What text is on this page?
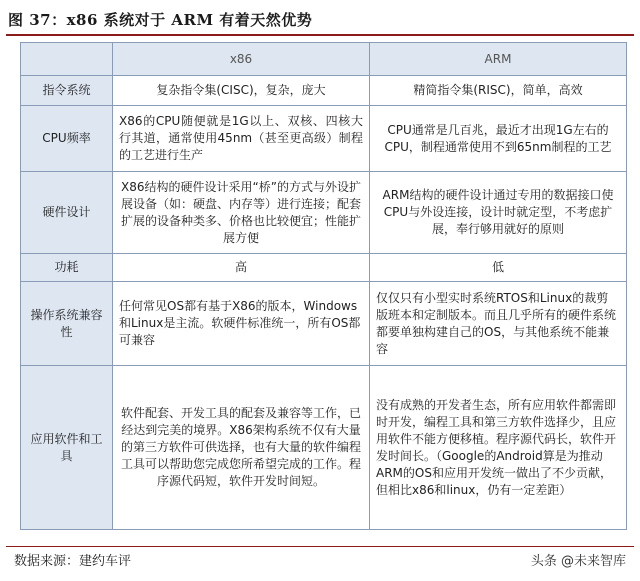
图 37：x86 系统对于 ARM 有着天然优势
	x86	ARM
指令系统	复杂指令集(CISC)，复杂，庞大	精简指令集(RISC)，简单，高效
CPU频率	X86的CPU随便就是1G以上、双核、四核大行其道，通常使用45nm（甚至更高级）制程的工艺进行生产	CPU通常是几百兆，最近才出现1G左右的CPU，制程通常使用不到65nm制程的工艺
硬件设计	X86结构的硬件设计采用“桥”的方式与外设扩展设备（如：硬盘、内存等）进行连接；配套扩展的设备种类多、价格也比较便宜；性能扩展方便	ARM结构的硬件设计通过专用的数据接口使CPU与外设连接，设计时就定型，不考虑扩展，奉行够用就好的原则
功耗	高	低
操作系统兼容性	任何常见OS都有基于X86的版本，Windows和Linux是主流。软硬件标准统一，所有OS都可兼容	仅仅只有小型实时系统RTOS和Linux的裁剪版班本和定制版本。而且几乎所有的硬件系统都要单独构建自己的OS，与其他系统不能兼容
应用软件和工具	软件配套、开发工具的配套及兼容等工作，已经达到完美的境界。X86架构系统不仅有大量的第三方软件可供选择，也有大量的软件编程工具可以帮助您完成您所希望完成的工作。程序源代码短，软件开发时间短。	没有成熟的开发者生态，所有应用软件都需即时开发，编程工具和第三方软件选择少，且应用软件不能方便移植。程序源代码长，软件开发时间长。（Google的Android算是为推动ARM的OS和应用开发统一做出了不少贡献，但相比x86和linux，仍有一定差距）
数据来源：建约车评	头条 @未来智库
